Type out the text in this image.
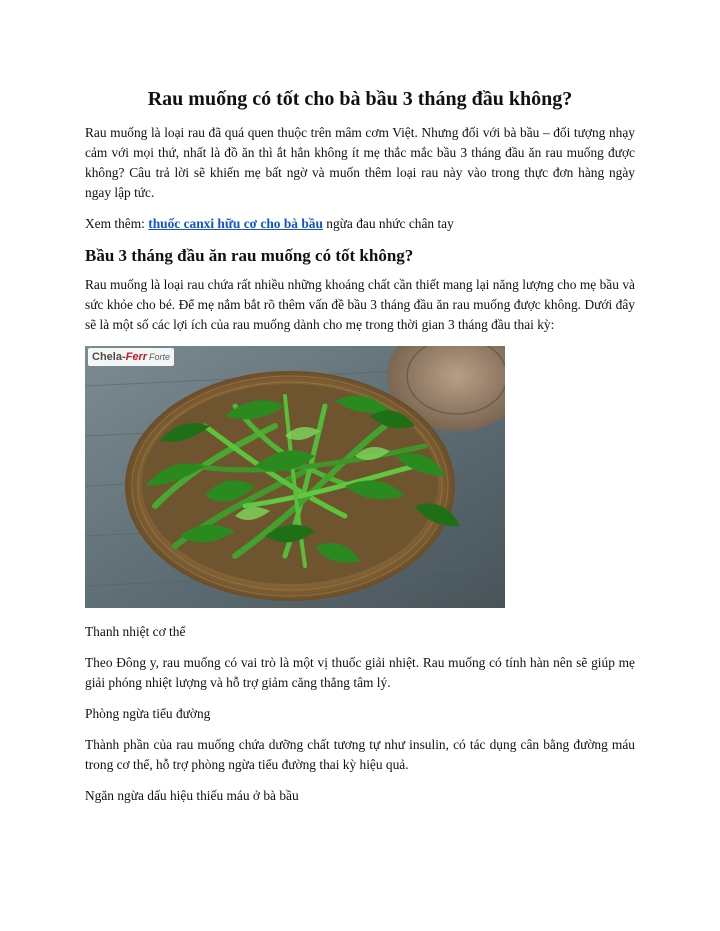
Rau muống có tốt cho bà bầu 3 tháng đầu không?

Rau muống là loại rau đã quá quen thuộc trên mâm cơm Việt. Nhưng đối với bà bầu – đối tượng nhạy cảm với mọi thứ, nhất là đồ ăn thì ắt hẳn không ít mẹ thắc mắc bầu 3 tháng đầu ăn rau muống được không? Câu trả lời sẽ khiến mẹ bất ngờ và muốn thêm loại rau này vào trong thực đơn hàng ngày ngay lập tức.

Xem thêm: thuốc canxi hữu cơ cho bà bầu ngừa đau nhức chân tay

Bầu 3 tháng đầu ăn rau muống có tốt không?

Rau muống là loại rau chứa rất nhiều những khoáng chất cần thiết mang lại năng lượng cho mẹ bầu và sức khỏe cho bé. Để mẹ nắm bắt rõ thêm vấn đề bầu 3 tháng đầu ăn rau muống được không. Dưới đây sẽ là một số các lợi ích của rau muống dành cho mẹ trong thời gian 3 tháng đầu thai kỳ:

Chela-Ferr Forte

Thanh nhiệt cơ thể

Theo Đông y, rau muống có vai trò là một vị thuốc giải nhiệt. Rau muống có tính hàn nên sẽ giúp mẹ giải phóng nhiệt lượng và hỗ trợ giảm căng thẳng tâm lý.

Phòng ngừa tiểu đường

Thành phần của rau muống chứa dưỡng chất tương tự như insulin, có tác dụng cân bằng đường máu trong cơ thể, hỗ trợ phòng ngừa tiểu đường thai kỳ hiệu quả.

Ngăn ngừa dấu hiệu thiếu máu ở bà bầu
